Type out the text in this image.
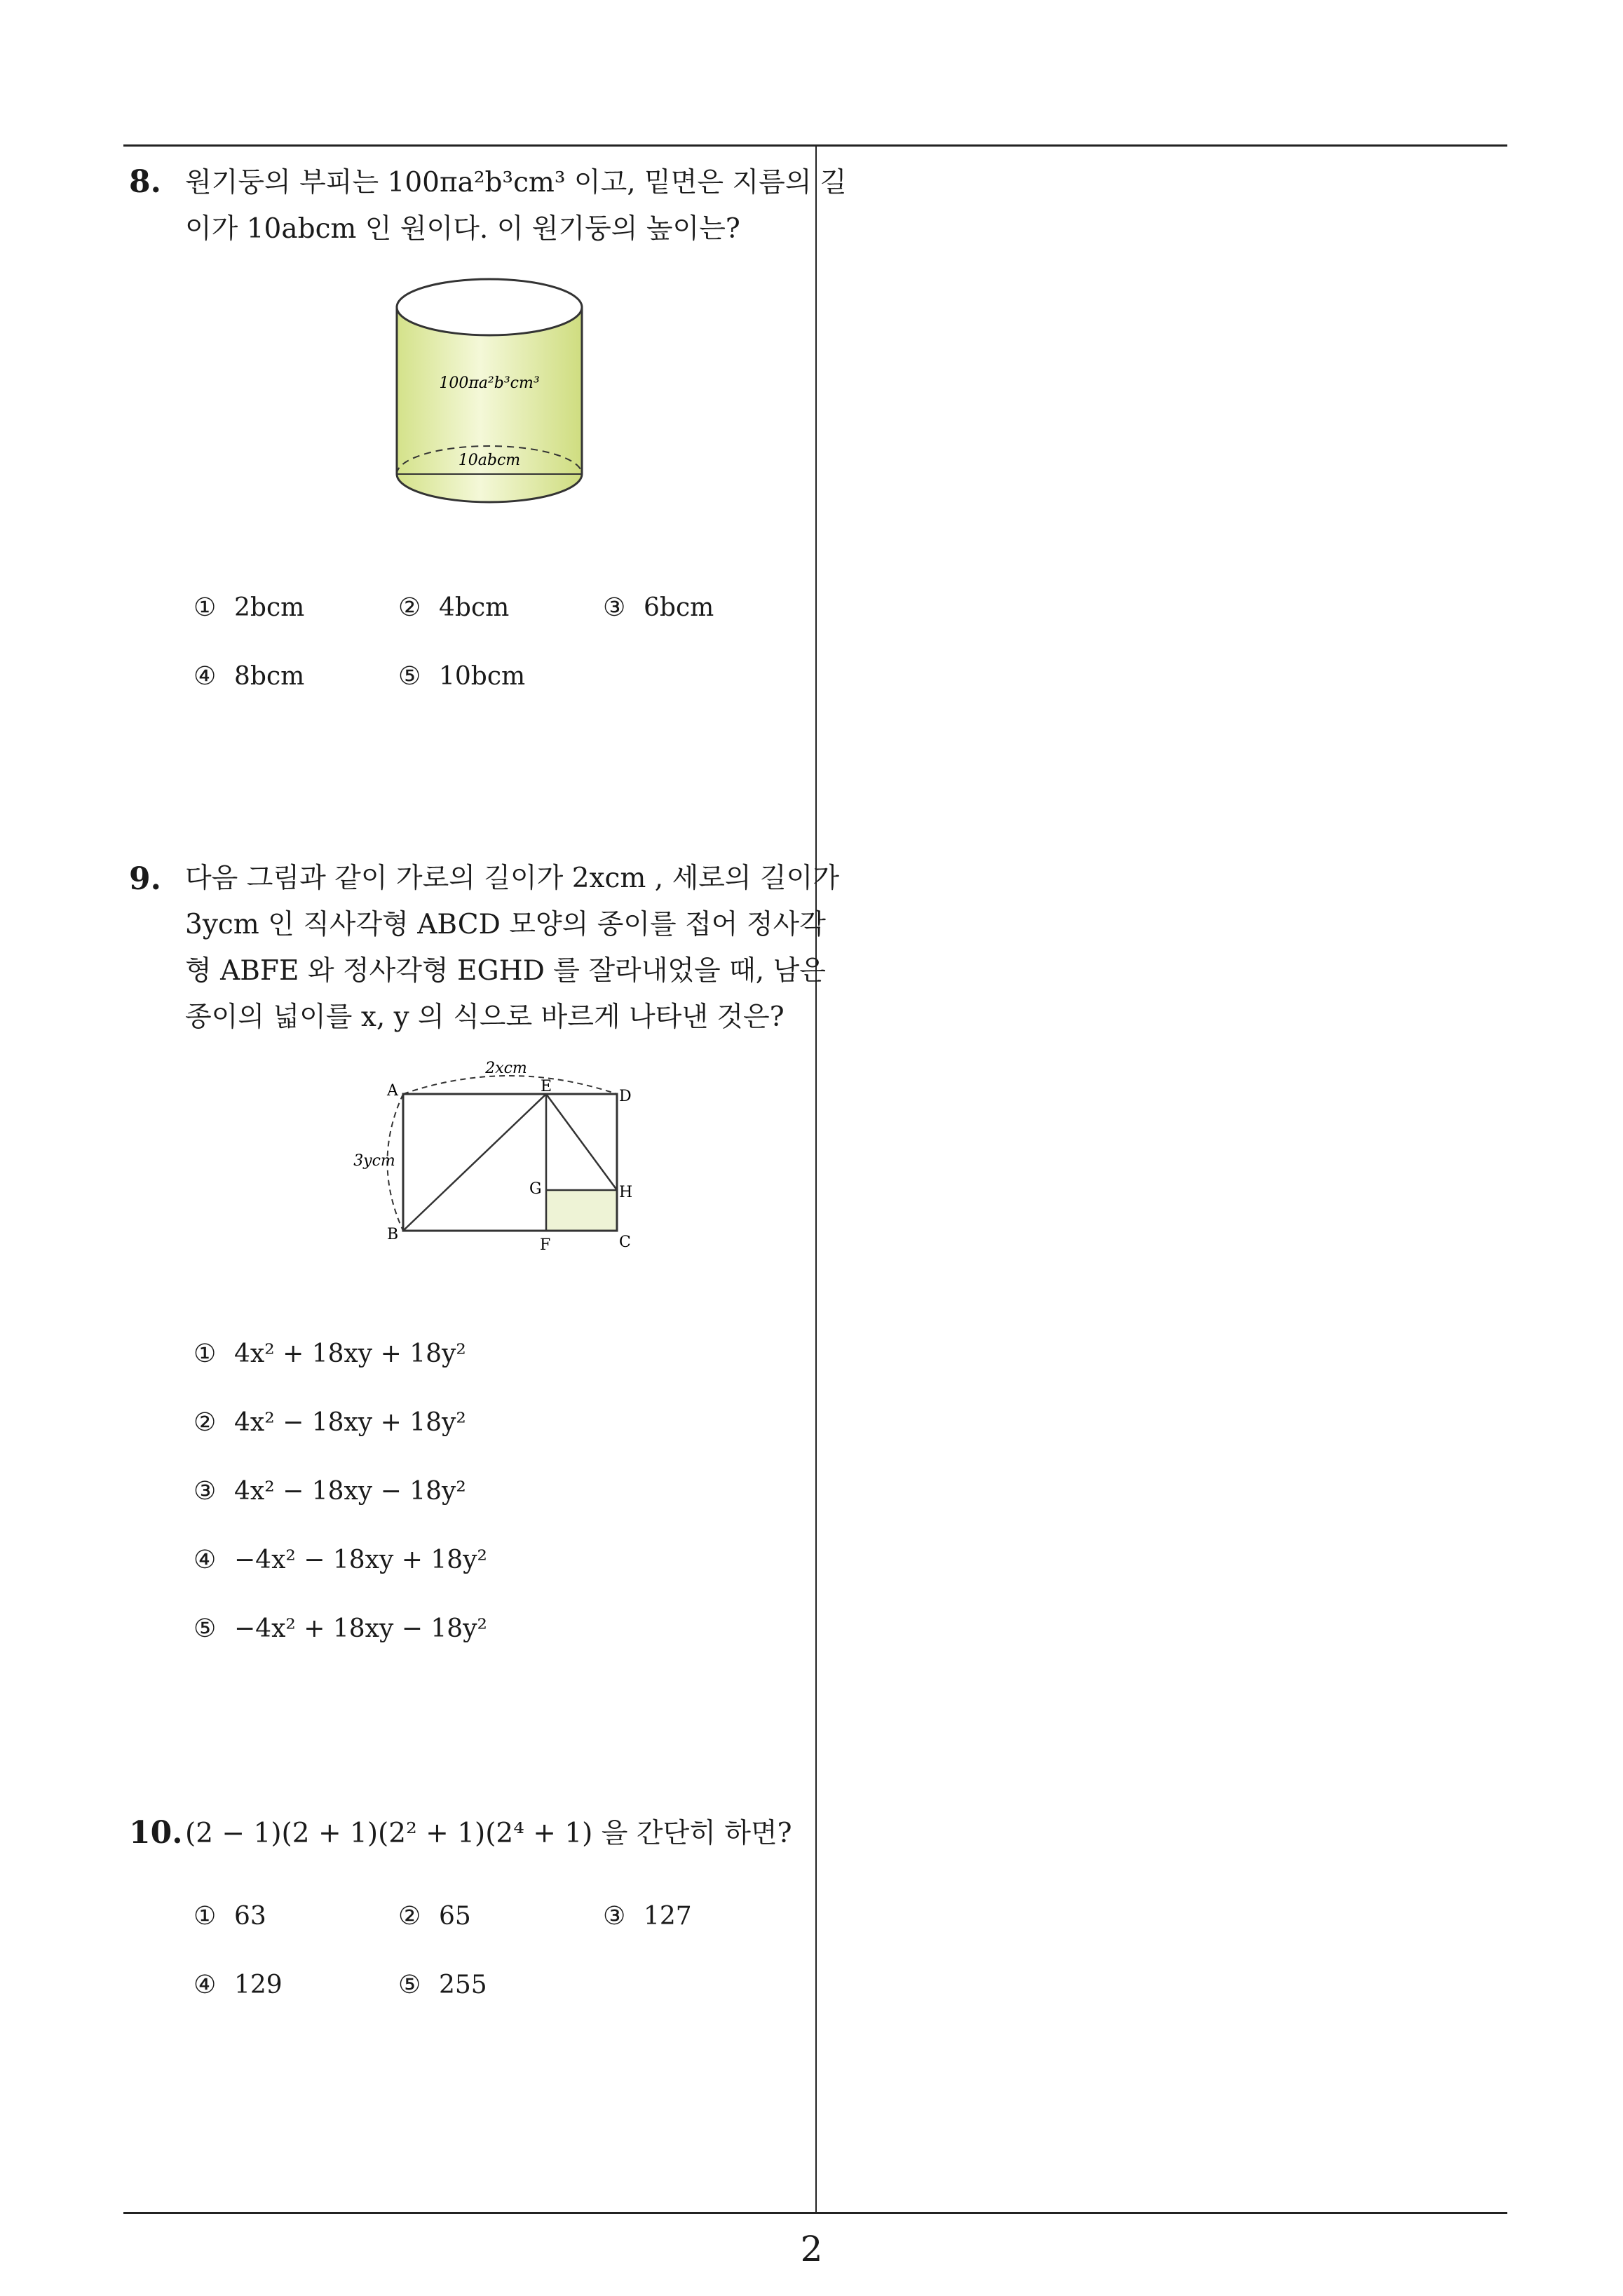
8. 원기둥의 부피는 100πa²b³cm³ 이고, 밑면은 지름의 길
이가 10abcm 인 원이다. 이 원기둥의 높이는?
100πa²b³cm³
10abcm
① 2bcm	② 4bcm	③ 6bcm
④ 8bcm	⑤ 10bcm
9. 다음 그림과 같이 가로의 길이가 2xcm , 세로의 길이가
3ycm 인 직사각형 ABCD 모양의 종이를 접어 정사각
형 ABFE 와 정사각형 EGHD 를 잘라내었을 때, 남은
종이의 넓이를 x, y 의 식으로 바르게 나타낸 것은?
2xcm
3ycm
A
B	C
D
E
F
G	H
① 4x² + 18xy + 18y²
② 4x² − 18xy + 18y²
③ 4x² − 18xy − 18y²
④ −4x² − 18xy + 18y²
⑤ −4x² + 18xy − 18y²
10. (2 − 1)(2 + 1)(2² + 1)(2⁴ + 1) 을 간단히 하면?
① 63	② 65	③ 127
④ 129	⑤ 255
2
